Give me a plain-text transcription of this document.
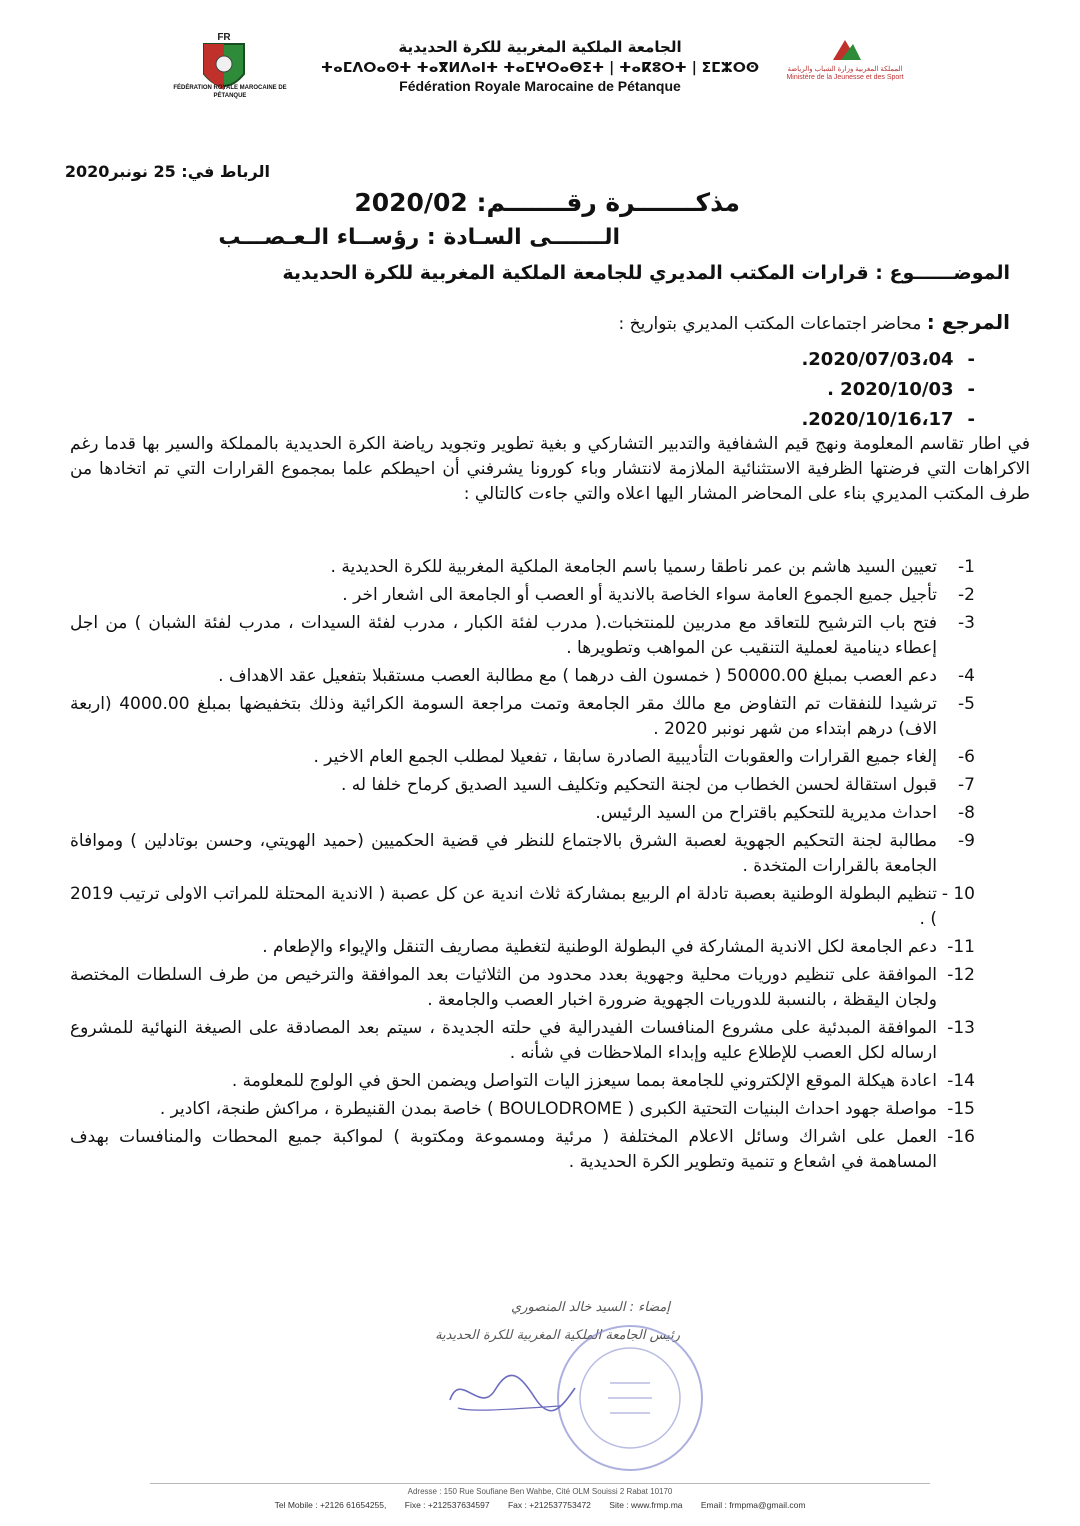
FR
FÉDÉRATION ROYALE MAROCAINE DE PÉTANQUE
الجامعة الملكية المغربية للكرة الحديدية
ⵜⴰⵎⴷⵔⴰⵙⵜ ⵜⴰⴳⵍⴷⴰⵏⵜ ⵜⴰⵎⵖⵔⴰⴱⵉⵜ | ⵜⴰⴽⵓⵔⵜ | ⵉⵎⵣⵔⵙ
Fédération Royale Marocaine de Pétanque
المملكة المغربية وزارة الشباب والرياضة Ministère de la Jeunesse et des Sport
الرباط في: 25 نونبر2020
مذكـــــــرة رقـــــــم: 2020/02
الـــــــى السـادة : رؤســاء الـعـصـــب
الموضــــــوع : قرارات المكتب المديري للجامعة الملكية المغربية للكرة الحديدية
المرجع : محاضر اجتماعات المكتب المديري بتواريخ :
-
2020/07/03،04.
-
2020/10/03 .
-
2020/10/16،17.
في اطار تقاسم المعلومة ونهج قيم الشفافية والتدبير التشاركي و بغية تطوير وتجويد رياضة الكرة الحديدية بالمملكة والسير بها قدما رغم الاكراهات التي فرضتها الظرفية الاستثنائية الملازمة لانتشار وباء كورونا يشرفني أن احيطكم علما بمجموع القرارات التي تم اتخادها من طرف المكتب المديري بناء على المحاضر المشار اليها اعلاه والتي جاءت كالتالي :
1-
تعيين السيد هاشم بن عمر ناطقا رسميا باسم الجامعة الملكية المغربية للكرة الحديدية .
2-
تأجيل جميع الجموع العامة سواء الخاصة بالاندية أو العصب أو الجامعة الى اشعار اخر .
3-
فتح باب الترشيح للتعاقد مع مدربين للمنتخبات.( مدرب لفئة الكبار ، مدرب لفئة السيدات ، مدرب لفئة الشبان ) من اجل إعطاء دينامية لعملية التنقيب عن المواهب وتطويرها .
4-
دعم العصب بمبلغ 50000.00 ( خمسون الف درهما ) مع مطالبة العصب مستقبلا بتفعيل عقد الاهداف .
5-
ترشيدا للنفقات تم التفاوض مع مالك مقر الجامعة وتمت مراجعة السومة الكرائية وذلك بتخفيضها بمبلغ 4000.00 (اربعة الاف) درهم ابتداء من شهر نونبر 2020 .
6-
إلغاء جميع القرارات والعقوبات التأديبية الصادرة سابقا ، تفعيلا لمطلب الجمع العام الاخير .
7-
قبول استقالة لحسن الخطاب من لجنة التحكيم وتكليف السيد الصديق كرماح خلفا له .
8-
احداث مديرية للتحكيم باقتراح من السيد الرئيس.
9-
مطالبة لجنة التحكيم الجهوية لعصبة الشرق بالاجتماع للنظر في قضية الحكميين (حميد الهويتي، وحسن بوتادلين ) وموافاة الجامعة بالقرارات المتخدة .
10 -
تنظيم البطولة الوطنية بعصبة تادلة ام الربيع بمشاركة ثلاث اندية عن كل عصبة ( الاندية المحتلة للمراتب الاولى ترتيب 2019 ) .
11-
دعم الجامعة لكل الاندية المشاركة في البطولة الوطنية لتغطية مصاريف التنقل والإيواء والإطعام .
12-
الموافقة على تنظيم دوريات محلية وجهوية بعدد محدود من الثلاثيات بعد الموافقة والترخيص من طرف السلطات المختصة ولجان اليقظة ، بالنسبة للدوريات الجهوية ضرورة اخبار العصب والجامعة .
13-
الموافقة المبدئية على مشروع المنافسات الفيدرالية في حلته الجديدة ، سيتم بعد المصادقة على الصيغة النهائية للمشروع ارساله لكل العصب للإطلاع عليه وإبداء الملاحظات في شأنه .
14-
اعادة هيكلة الموقع الإلكتروني للجامعة بمما سيعزز اليات التواصل ويضمن الحق في الولوج للمعلومة .
15-
مواصلة جهود احداث البنيات التحتية الكبرى ( BOULODROME ) خاصة بمدن القنيطرة ، مراكش طنجة، اكادير .
16-
العمل على اشراك وسائل الاعلام المختلفة ( مرئية ومسموعة ومكتوبة ) لمواكبة جميع المحطات والمنافسات بهدف المساهمة في اشعاع و تنمية وتطوير الكرة الحديدية .
إمضاء : السيد خالد المنصوري
رئيس الجامعة الملكية المغربية للكرة الحديدية
Adresse : 150 Rue Soufiane Ben Wahbe, Cité OLM Souissi 2 Rabat 10170
Tel Mobile : +2126 61654255, Fixe : +212537634597 Fax : +212537753472 Site : www.frmp.ma Email : frmpma@gmail.com
